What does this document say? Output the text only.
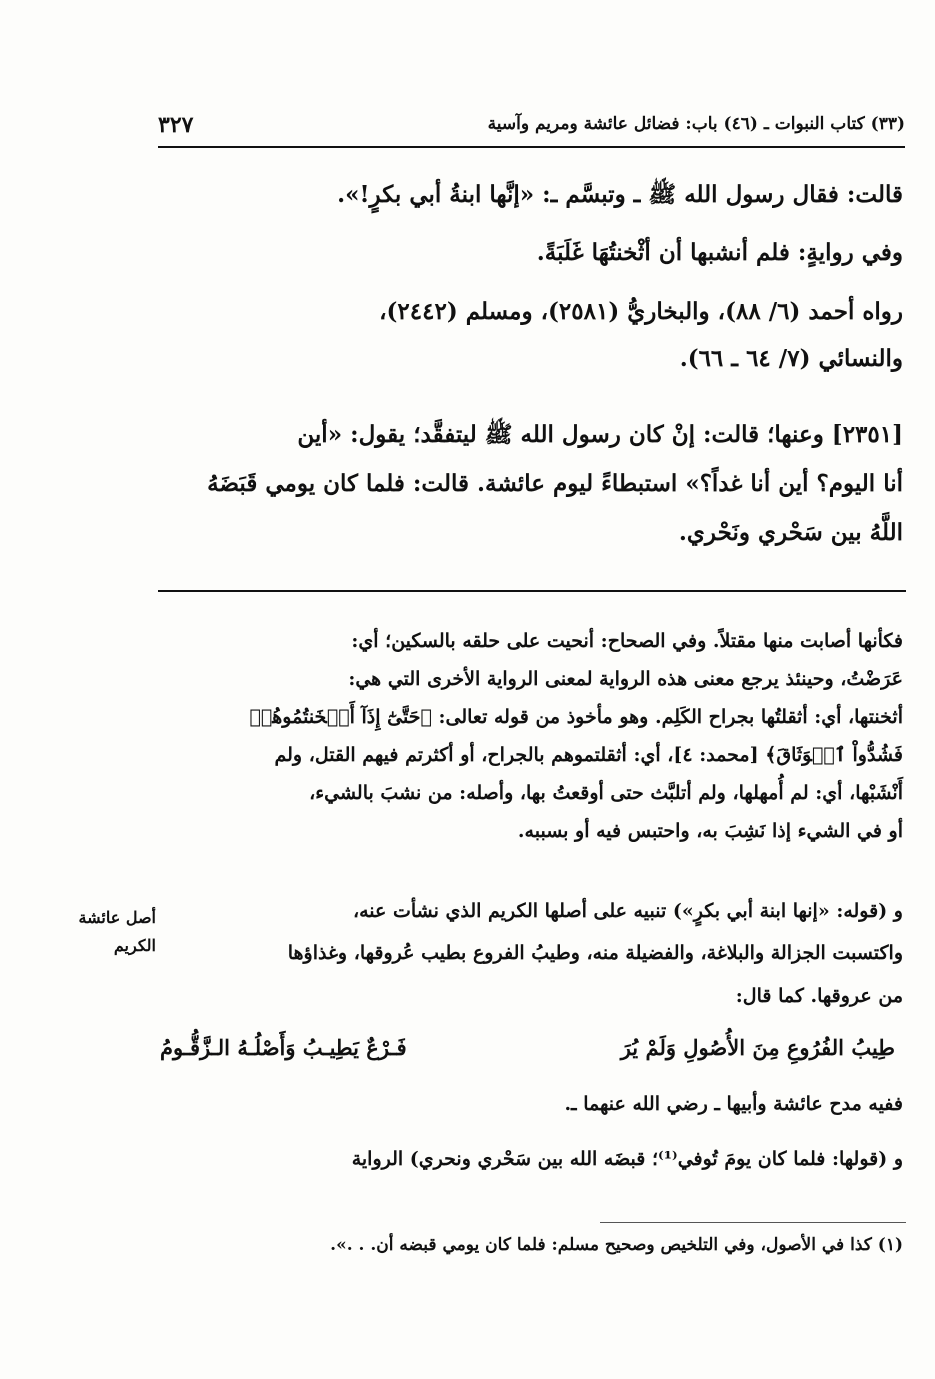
(٣٣) كتاب النبوات ـ (٤٦) باب: فضائل عائشة ومريم وآسية
٣٢٧
قالت: فقال رسول الله ﷺ ـ وتبسَّم ـ: «إنَّها ابنةُ أبي بكرٍ!».
وفي روايةٍ: فلم أنشبها أن أثْخنتُهَا غَلَبَةً.
رواه أحمد (٦/ ٨٨)، والبخاريُّ (٢٥٨١)، ومسلم (٢٤٤٢)،
والنسائي (٧/ ٦٤ ـ ٦٦).
[٢٣٥١] وعنها؛ قالت: إنْ كان رسول الله ﷺ ليتفقَّد؛ يقول: «أين
أنا اليوم؟ أين أنا غداً؟» استبطاءً ليوم عائشة. قالت: فلما كان يومي قَبَضَهُ
اللَّهُ بين سَحْري ونَحْري.
فكأنها أصابت منها مقتلاً. وفي الصحاح: أنحيت على حلقه بالسكين؛ أي:
عَرَضْتُ، وحينئذ يرجع معنى هذه الرواية لمعنى الرواية الأخرى التي هي:
أثخنتها، أي: أثقلتُها بجراح الكَلِم. وهو مأخوذ من قوله تعالى: ﴿حَتَّىٰٓ إِذَآ أَثۡخَنتُمُوهُمۡ
فَشُدُّواْ ٱلۡوَثَاقَ﴾ [محمد: ٤]، أي: أثقلتموهم بالجراح، أو أكثرتم فيهم القتل، ولم
أَنْشَبْها، أي: لم أُمهلها، ولم أتلبَّث حتى أوقعتُ بها، وأصله: من نشبَ بالشيء،
أو في الشيء إذا نَشِبَ به، واحتبس فيه أو بسببه.
و (قوله: «إنها ابنة أبي بكرٍ») تنبيه على أصلها الكريم الذي نشأت عنه،
واكتسبت الجزالة والبلاغة، والفضيلة منه، وطيبُ الفروع بطيب عُروقها، وغذاؤها
من عروقها. كما قال:
أصل عائشة
الكريم
طِيبُ الفُرُوعِ مِنَ الأُصُولِ وَلَمْ يُرَ
فَـرْعٌ يَطِيـبُ وَأَصْلُـهُ الـزَّقُّـومُ
ففيه مدح عائشة وأبيها ـ رضي الله عنهما ـ.
و (قولها: فلما كان يومَ تُوفي⁽¹⁾؛ قبضَه الله بين سَحْري ونحري) الرواية
(١) كذا في الأصول، وفي التلخيص وصحيح مسلم: فلما كان يومي قبضه أن. . .».
